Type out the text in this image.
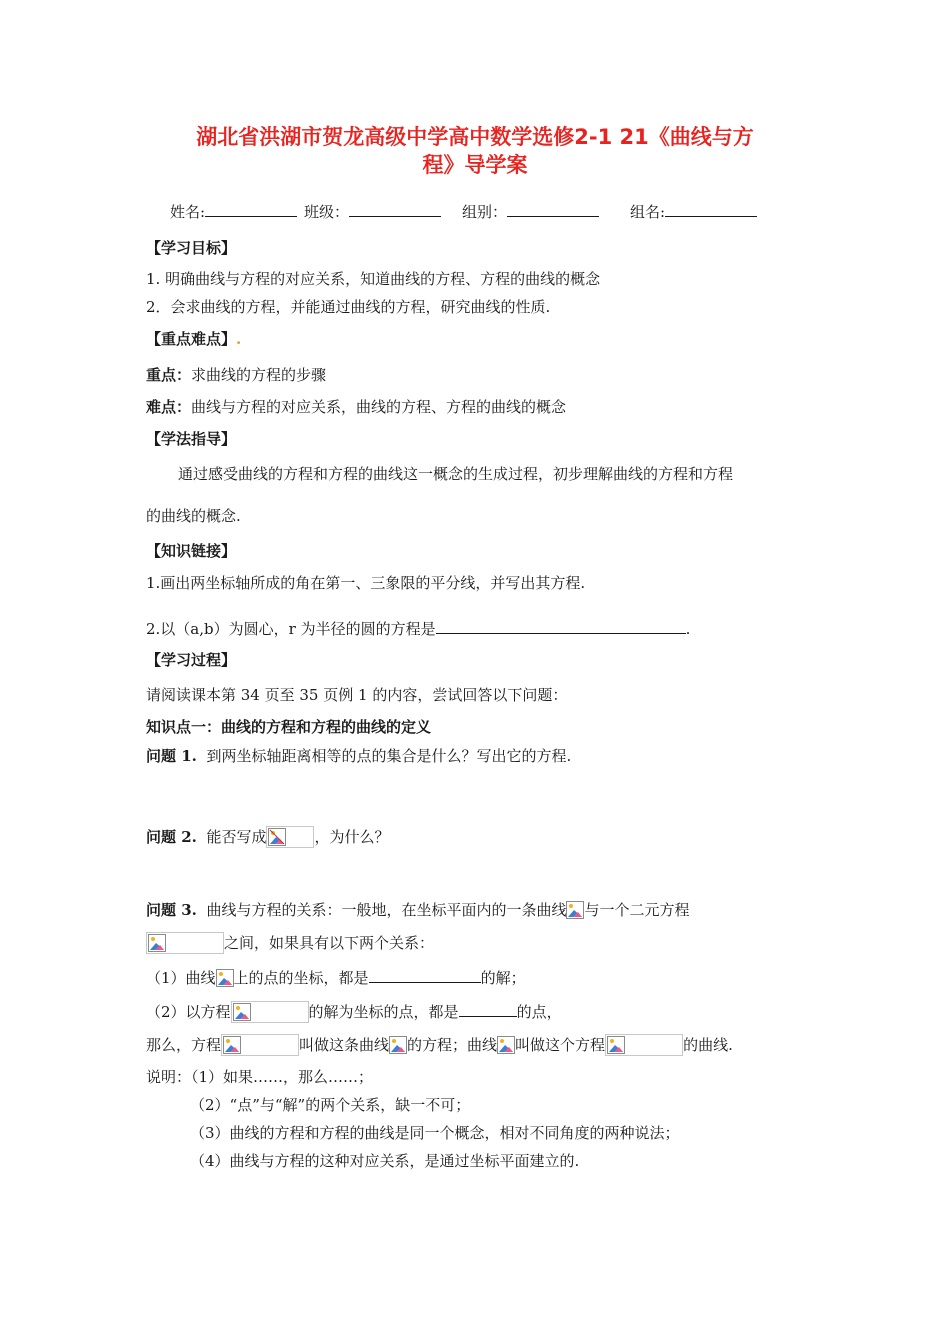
湖北省洪湖市贺龙高级中学高中数学选修2-1 21《曲线与方
程》导学案
姓名:	班级：	组别：	组名:
【学习目标】
1. 明确曲线与方程的对应关系，知道曲线的方程、方程的曲线的概念
2．会求曲线的方程，并能通过曲线的方程，研究曲线的性质.
【重点难点】.
重点：求曲线的方程的步骤
难点：曲线与方程的对应关系，曲线的方程、方程的曲线的概念
【学法指导】
通过感受曲线的方程和方程的曲线这一概念的生成过程，初步理解曲线的方程和方程
的曲线的概念.
【知识链接】
1.画出两坐标轴所成的角在第一、三象限的平分线，并写出其方程.
2.以（a,b）为圆心，r 为半径的圆的方程是	.
【学习过程】
请阅读课本第 34 页至 35 页例 1 的内容，尝试回答以下问题：
知识点一：曲线的方程和方程的曲线的定义
问题 1. 到两坐标轴距离相等的点的集合是什么？写出它的方程.
问题 2. 能否写成	，为什么？
问题 3. 曲线与方程的关系：一般地，在坐标平面内的一条曲线 与一个二元方程
之间，如果具有以下两个关系：
（1）曲线 上的点的坐标，都是	的解；
（2）以方程	的解为坐标的点，都是	的点，
那么，方程	叫做这条曲线 的方程；曲线 叫做这个方程	的曲线.
说明：（1）如果……，那么……；
（2）“点”与“解”的两个关系，缺一不可；
（3）曲线的方程和方程的曲线是同一个概念，相对不同角度的两种说法；
（4）曲线与方程的这种对应关系，是通过坐标平面建立的.
